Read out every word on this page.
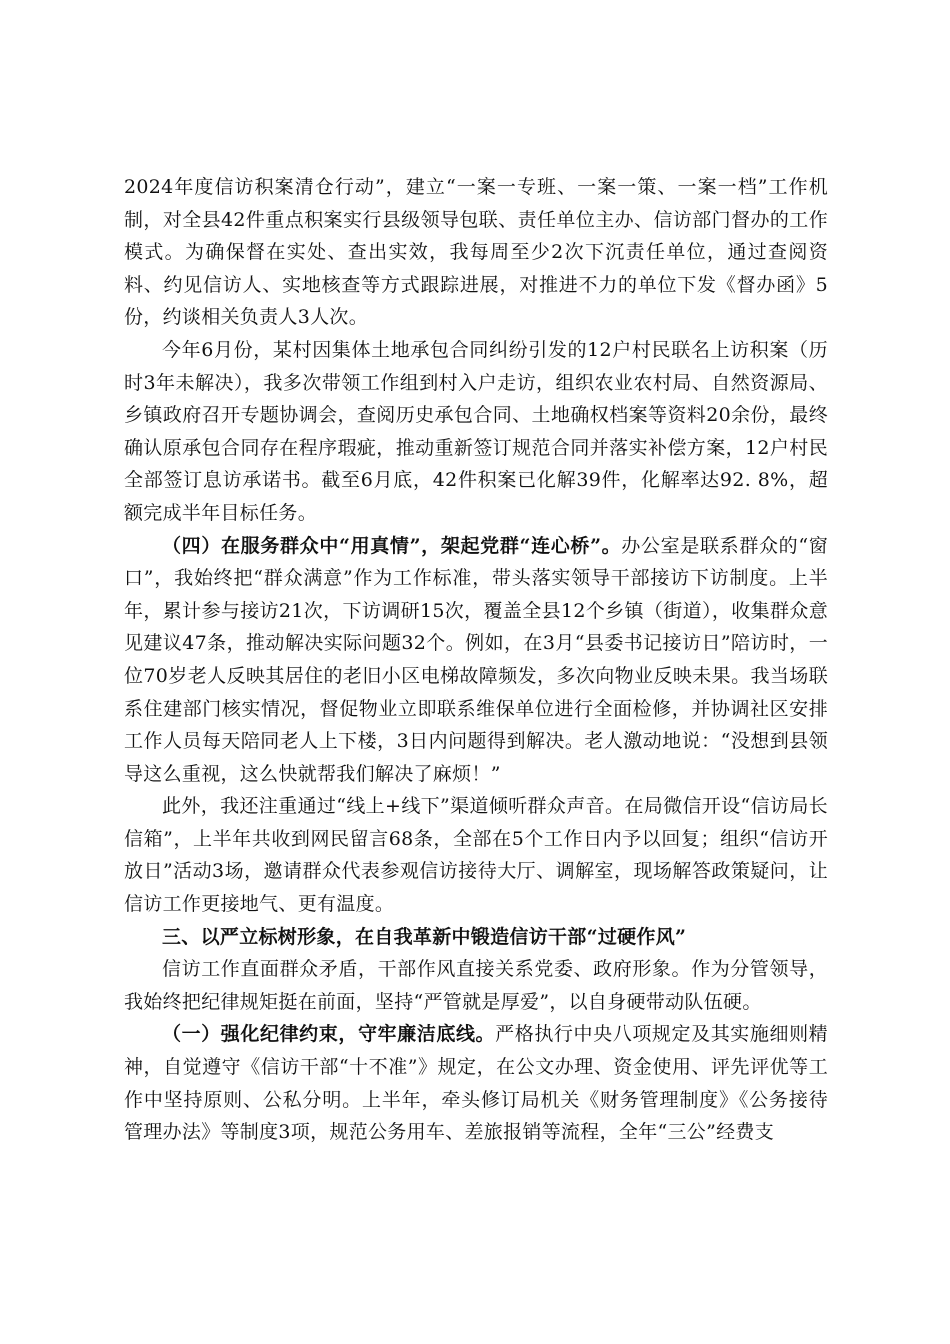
2024年度信访积案清仓行动”，建立“一案一专班、一案一策、一案一档”工作机制，对全县42件重点积案实行县级领导包联、责任单位主办、信访部门督办的工作模式。为确保督在实处、查出实效，我每周至少2次下沉责任单位，通过查阅资料、约见信访人、实地核查等方式跟踪进展，对推进不力的单位下发《督办函》5份，约谈相关负责人3人次。

今年6月份，某村因集体土地承包合同纠纷引发的12户村民联名上访积案（历时3年未解决），我多次带领工作组到村入户走访，组织农业农村局、自然资源局、乡镇政府召开专题协调会，查阅历史承包合同、土地确权档案等资料20余份，最终确认原承包合同存在程序瑕疵，推动重新签订规范合同并落实补偿方案，12户村民全部签订息访承诺书。截至6月底，42件积案已化解39件，化解率达92. 8%，超额完成半年目标任务。

（四）在服务群众中“用真情”，架起党群“连心桥”。办公室是联系群众的“窗口”，我始终把“群众满意”作为工作标准，带头落实领导干部接访下访制度。上半年，累计参与接访21次，下访调研15次，覆盖全县12个乡镇（街道），收集群众意见建议47条，推动解决实际问题32个。例如，在3月“县委书记接访日”陪访时，一位70岁老人反映其居住的老旧小区电梯故障频发，多次向物业反映未果。我当场联系住建部门核实情况，督促物业立即联系维保单位进行全面检修，并协调社区安排工作人员每天陪同老人上下楼，3日内问题得到解决。老人激动地说：“没想到县领导这么重视，这么快就帮我们解决了麻烦！”

此外，我还注重通过“线上+线下”渠道倾听群众声音。在局微信开设“信访局长信箱”，上半年共收到网民留言68条，全部在5个工作日内予以回复；组织“信访开放日”活动3场，邀请群众代表参观信访接待大厅、调解室，现场解答政策疑问，让信访工作更接地气、更有温度。

三、以严立标树形象，在自我革新中锻造信访干部“过硬作风”

信访工作直面群众矛盾，干部作风直接关系党委、政府形象。作为分管领导，我始终把纪律规矩挺在前面，坚持“严管就是厚爱”，以自身硬带动队伍硬。

（一）强化纪律约束，守牢廉洁底线。严格执行中央八项规定及其实施细则精神，自觉遵守《信访干部“十不准”》规定，在公文办理、资金使用、评先评优等工作中坚持原则、公私分明。上半年，牵头修订局机关《财务管理制度》《公务接待管理办法》等制度3项，规范公务用车、差旅报销等流程，全年“三公”经费支
